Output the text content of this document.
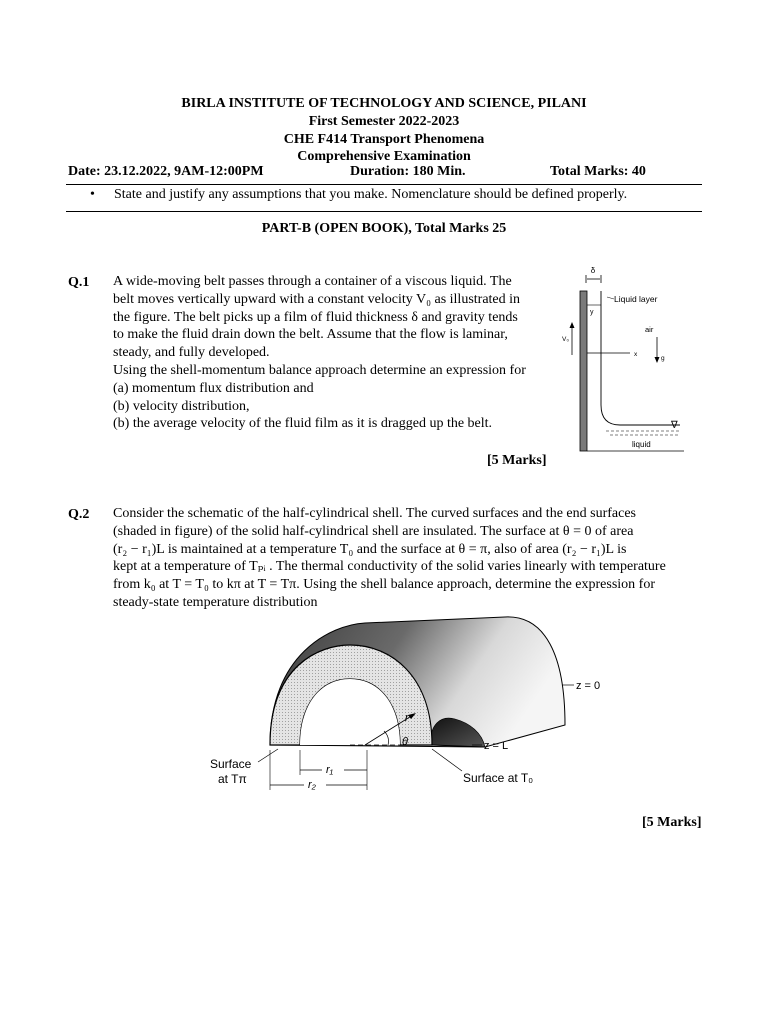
BIRLA INSTITUTE OF TECHNOLOGY AND SCIENCE, PILANI
First Semester 2022-2023
CHE F414 Transport Phenomena
Comprehensive Examination
Date: 23.12.2022, 9AM-12:00PM	Duration: 180 Min.	Total Marks: 40
• State and justify any assumptions that you make. Nomenclature should be defined properly.
PART-B (OPEN BOOK), Total Marks 25
Q.1 A wide-moving belt passes through a container of a viscous liquid. The
belt moves vertically upward with a constant velocity V₀ as illustrated in
the figure. The belt picks up a film of fluid thickness δ and gravity tends
to make the fluid drain down the belt. Assume that the flow is laminar,
steady, and fully developed.
Using the shell-momentum balance approach determine an expression for
(a) momentum flux distribution and
(b) velocity distribution,
(b) the average velocity of the fluid film as it is dragged up the belt.
[5 Marks]
δ
Liquid layer
y
air
V₀
x
g
∇
liquid
Q.2 Consider the schematic of the half-cylindrical shell. The curved surfaces and the end surfaces
(shaded in figure) of the solid half-cylindrical shell are insulated. The surface at θ = 0 of area
(r₂ − r₁)L is maintained at a temperature T₀ and the surface at θ = π, also of area (r₂ − r₁)L is
kept at a temperature of Tₚᵢ . The thermal conductivity of the solid varies linearly with temperature
from k₀ at T = T₀ to kπ at T = Tπ. Using the shell balance approach, determine the expression for
steady-state temperature distribution
r
θ
z = 0
z = L
Surface
at Tπ	Surface at T₀
r₁
r₂
[5 Marks]
